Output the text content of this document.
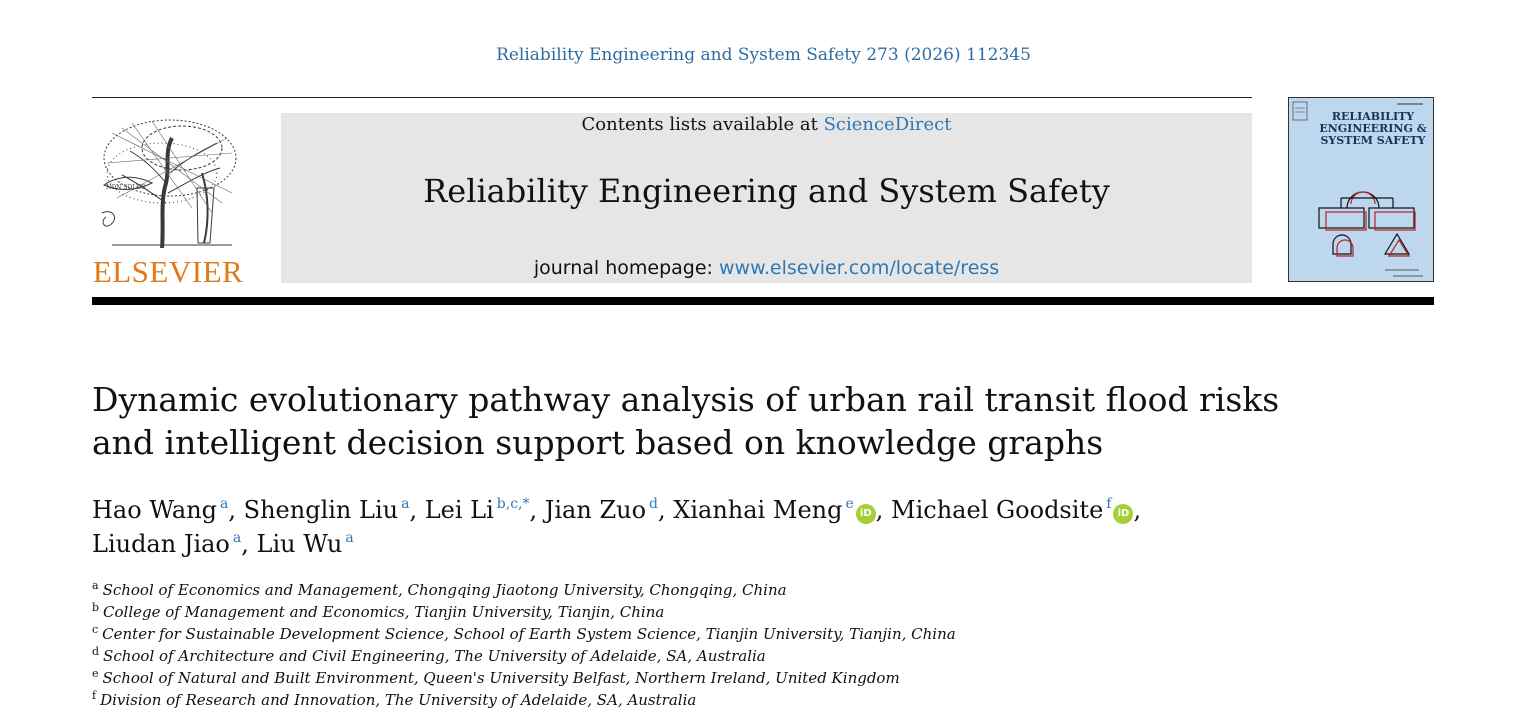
Reliability Engineering and System Safety 273 (2026) 112345
NON SOLUS
ELSEVIER
Contents lists available at ScienceDirect
Reliability Engineering and System Safety
journal homepage: www.elsevier.com/locate/ress
RELIABILITY ENGINEERING & SYSTEM SAFETY
Dynamic evolutionary pathway analysis of urban rail transit flood risks and intelligent decision support based on knowledge graphs
Hao Wang $^a$, Shenglin Liu $^a$, Lei Li $^{b,c,*}$, Jian Zuo $^d$, Xianhai Meng $^e$iD , Michael Goodsite $^f$iD ,
Liudan Jiao $^a$, Liu Wu $^a$
$^a$ School of Economics and Management, Chongqing Jiaotong University, Chongqing, China
$^b$ College of Management and Economics, Tianjin University, Tianjin, China
$^c$ Center for Sustainable Development Science, School of Earth System Science, Tianjin University, Tianjin, China
$^d$ School of Architecture and Civil Engineering, The University of Adelaide, SA, Australia
$^e$ School of Natural and Built Environment, Queen's University Belfast, Northern Ireland, United Kingdom
$^f$ Division of Research and Innovation, The University of Adelaide, SA, Australia
